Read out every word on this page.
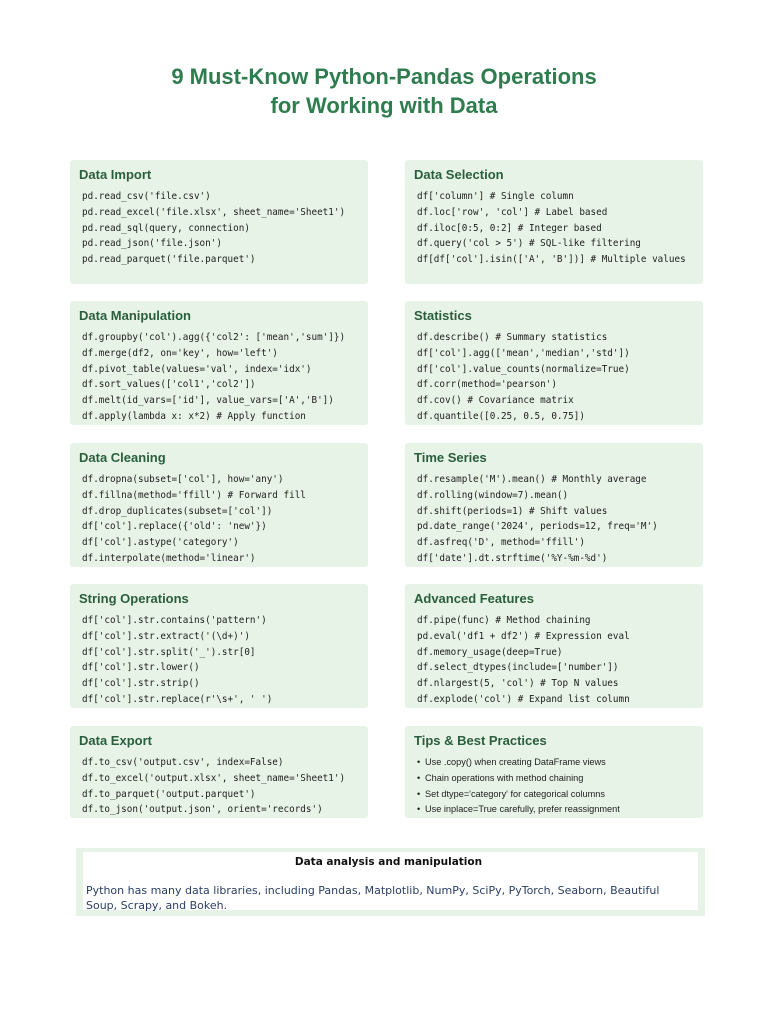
9 Must-Know Python-Pandas Operations
for Working with Data
Data Import
pd.read_csv('file.csv')
pd.read_excel('file.xlsx', sheet_name='Sheet1')
pd.read_sql(query, connection)
pd.read_json('file.json')
pd.read_parquet('file.parquet')
Data Selection
df['column'] # Single column
df.loc['row', 'col'] # Label based
df.iloc[0:5, 0:2] # Integer based
df.query('col > 5') # SQL-like filtering
df[df['col'].isin(['A', 'B'])] # Multiple values
Data Manipulation
df.groupby('col').agg({'col2': ['mean','sum']})
df.merge(df2, on='key', how='left')
df.pivot_table(values='val', index='idx')
df.sort_values(['col1','col2'])
df.melt(id_vars=['id'], value_vars=['A','B'])
df.apply(lambda x: x*2) # Apply function
Statistics
df.describe() # Summary statistics
df['col'].agg(['mean','median','std'])
df['col'].value_counts(normalize=True)
df.corr(method='pearson')
df.cov() # Covariance matrix
df.quantile([0.25, 0.5, 0.75])
Data Cleaning
df.dropna(subset=['col'], how='any')
df.fillna(method='ffill') # Forward fill
df.drop_duplicates(subset=['col'])
df['col'].replace({'old': 'new'})
df['col'].astype('category')
df.interpolate(method='linear')
Time Series
df.resample('M').mean() # Monthly average
df.rolling(window=7).mean()
df.shift(periods=1) # Shift values
pd.date_range('2024', periods=12, freq='M')
df.asfreq('D', method='ffill')
df['date'].dt.strftime('%Y-%m-%d')
String Operations
df['col'].str.contains('pattern')
df['col'].str.extract('(\d+)')
df['col'].str.split('_').str[0]
df['col'].str.lower()
df['col'].str.strip()
df['col'].str.replace(r'\s+', ' ')
Advanced Features
df.pipe(func) # Method chaining
pd.eval('df1 + df2') # Expression eval
df.memory_usage(deep=True)
df.select_dtypes(include=['number'])
df.nlargest(5, 'col') # Top N values
df.explode('col') # Expand list column
Data Export
df.to_csv('output.csv', index=False)
df.to_excel('output.xlsx', sheet_name='Sheet1')
df.to_parquet('output.parquet')
df.to_json('output.json', orient='records')
Tips & Best Practices
• Use .copy() when creating DataFrame views
• Chain operations with method chaining
• Set dtype='category' for categorical columns
• Use inplace=True carefully, prefer reassignment
Data analysis and manipulation

Python has many data libraries, including Pandas, Matplotlib, NumPy, SciPy, PyTorch, Seaborn, Beautiful Soup, Scrapy, and Bokeh.
